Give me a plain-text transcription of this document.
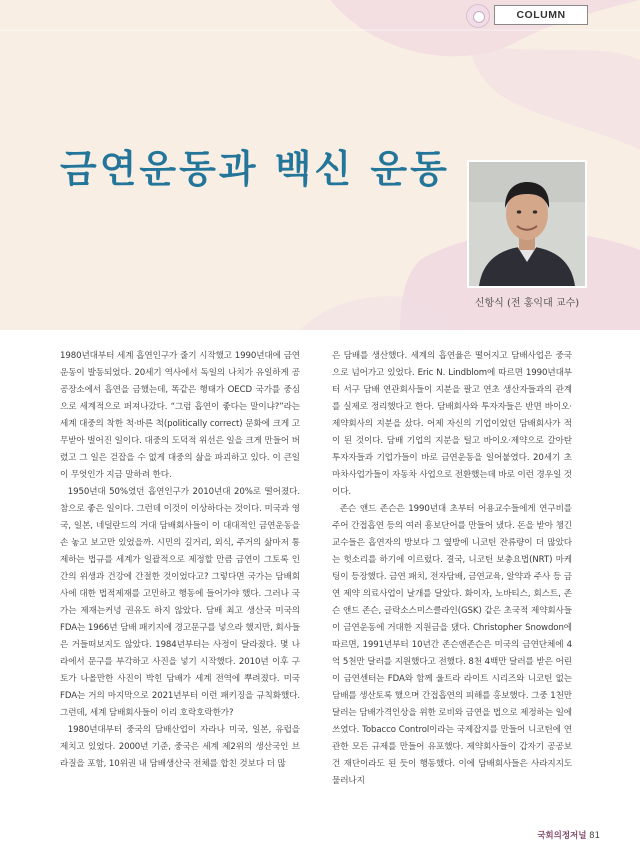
COLUMN
금연운동과 백신 운동
신항식 (전 홍익대 교수)

1980년대부터 세계 흡연인구가 줄기 시작했고 1990년대에 금연운동이 발동되었다. 20세기 역사에서 독일의 나치가 유일하게 공공장소에서 흡연을 금했는데, 똑같은 행태가 OECD 국가를 중심으로 세계적으로 퍼져나갔다. “그럼 흡연이 좋다는 말이냐?”라는 세계 대중의 착한 척·바른 척(politically correct) 문화에 크게 고무받아 벌어진 일이다. 대중의 도덕적 위선은 일을 크게 만들어 버렸고 그 일은 걷잡을 수 없게 대중의 삶을 파괴하고 있다. 이 큰일이 무엇인가 지금 말하려 한다.

1950년대 50%였던 흡연인구가 2010년대 20%로 떨어졌다. 참으로 좋은 일이다. 그런데 이것이 이상하다는 것이다. 미국과 영국, 일본, 네덜란드의 거대 담배회사들이 이 대대적인 금연운동을 손 놓고 보고만 있었을까. 시민의 길거리, 외식, 주거의 삶마저 통제하는 법규를 세계가 일괄적으로 제정할 만큼 금연이 그토록 인간의 위생과 건강에 간절한 것이었다고? 그렇다면 국가는 담배회사에 대한 법적제재를 고민하고 행동에 들어가야 했다. 그러나 국가는 제재는커녕 권유도 하지 않았다. 담배 최고 생산국 미국의 FDA는 1966년 담배 패키지에 경고문구를 넣으라 했지만, 회사들은 거들떠보지도 않았다. 1984년부터는 사정이 달라졌다. 몇 나라에서 문구를 부각하고 사진을 넣기 시작했다. 2010년 이후 구토가 나올만한 사진이 박힌 담배가 세계 전역에 뿌려졌다. 미국 FDA는 거의 마지막으로 2021년부터 이런 패키징을 규칙화했다. 그런데, 세계 담배회사들이 이리 호락호락한가?

1980년대부터 중국의 담배산업이 자라나 미국, 일본, 유럽을 제치고 있었다. 2000년 기준, 중국은 세계 제2위의 생산국인 브라질을 포함, 10위권 내 담배생산국 전체를 합친 것보다 더 많

은 담배를 생산했다. 세계의 흡연율은 떨어지고 담배사업은 중국으로 넘어가고 있었다. Eric N. Lindblom에 따르면 1990년대부터 서구 담배 연관회사들이 지분을 팔고 연초 생산자들과의 관계를 실제로 정리했다고 한다. 담배회사와 투자자들은 반면 바이오·제약회사의 지분을 샀다. 어제 자신의 기업이었던 담배회사가 적이 된 것이다. 담배 기업의 지분을 털고 바이오·제약으로 갈아탄 투자자들과 기업가들이 바로 금연운동을 일어붙였다. 20세기 초 마차사업가들이 자동차 사업으로 전환했는데 바로 이런 경우일 것이다.

존슨 앤드 존슨은 1990년대 초부터 어용교수들에게 연구비를 주어 간접흡연 등의 여러 흥보단어를 만들어 냈다. 돈을 받아 챙긴 교수들은 흡연자의 방보다 그 옆방에 니코틴 잔류량이 더 많았다는 헛소리를 하기에 이르렀다. 결국, 니코틴 보충요법(NRT) 마케팅이 등장했다. 금연 패치, 전자담배, 금연교육, 알약과 주사 등 금연 제약 의료사업이 날개를 달았다. 화이자, 노바티스, 회스트, 존슨 앤드 존슨, 글락소스미스클라인(GSK) 같은 초국적 제약회사들이 금연운동에 거대한 지원금을 댔다. Christopher Snowdon에 따르면, 1991년부터 10년간 존슨앤존슨은 미국의 금연단체에 4억 5천만 달러를 지원했다고 전했다. 8천 4백만 달러를 받은 어린이 금연센터는 FDA와 함께 울트라 라이트 시리즈와 니코틴 없는 담배를 생산토록 했으며 간접흡연의 피해를 홍보했다. 그중 1천만 달러는 담배가격인상을 위한 로비와 금연을 법으로 제정하는 일에 쓰였다. Tobacco Control이라는 국제잡지를 만들어 니코틴에 연관한 모든 규제를 만들어 유포했다. 제약회사들이 갑자기 공공보건 재단이라도 된 듯이 행동했다. 이에 담배회사들은 사라지지도 물러나지

국회의정저널 81
